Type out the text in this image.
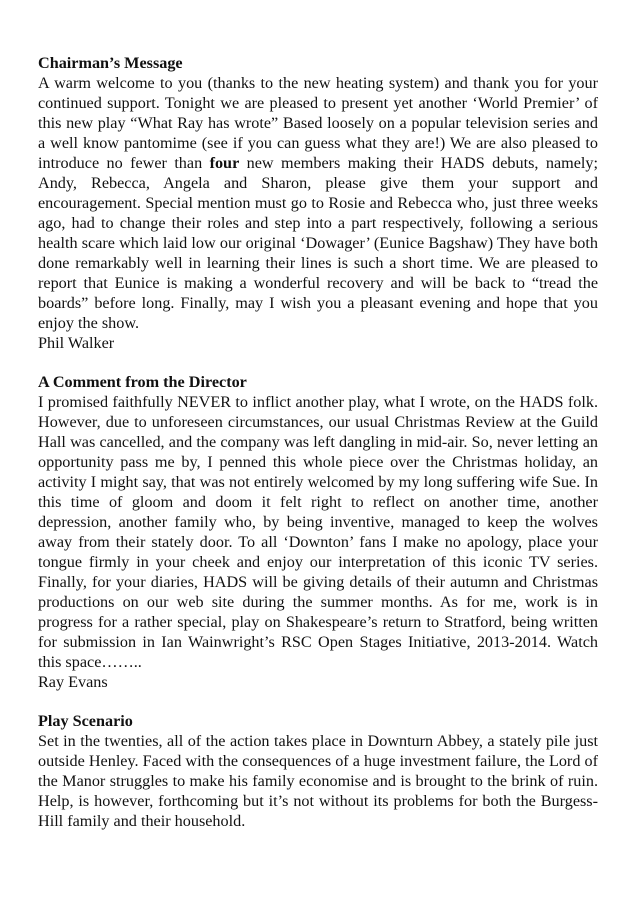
Chairman’s Message

A warm welcome to you (thanks to the new heating system) and thank you for your continued support. Tonight we are pleased to present yet another ‘World Premier’ of this new play “What Ray has wrote” Based loosely on a popular television series and a well know pantomime (see if you can guess what they are!) We are also pleased to introduce no fewer than four new members making their HADS debuts, namely; Andy, Rebecca, Angela and Sharon, please give them your support and encouragement. Special mention must go to Rosie and Rebecca who, just three weeks ago, had to change their roles and step into a part respectively, following a serious health scare which laid low our original ‘Dowager’ (Eunice Bagshaw) They have both done remarkably well in learning their lines is such a short time. We are pleased to report that Eunice is making a wonderful recovery and will be back to “tread the boards” before long. Finally, may I wish you a pleasant evening and hope that you enjoy the show.

Phil Walker

A Comment from the Director

I promised faithfully NEVER to inflict another play, what I wrote, on the HADS folk. However, due to unforeseen circumstances, our usual Christmas Review at the Guild Hall was cancelled, and the company was left dangling in mid-air. So, never letting an opportunity pass me by, I penned this whole piece over the Christmas holiday, an activity I might say, that was not entirely welcomed by my long suffering wife Sue. In this time of gloom and doom it felt right to reflect on another time, another depression, another family who, by being inventive, managed to keep the wolves away from their stately door. To all ‘Downton’ fans I make no apology, place your tongue firmly in your cheek and enjoy our interpretation of this iconic TV series. Finally, for your diaries, HADS will be giving details of their autumn and Christmas productions on our web site during the summer months. As for me, work is in progress for a rather special, play on Shakespeare’s return to Stratford, being written for submission in Ian Wainwright’s RSC Open Stages Initiative, 2013-2014. Watch this space……..

Ray Evans

Play Scenario

Set in the twenties, all of the action takes place in Downturn Abbey, a stately pile just outside Henley. Faced with the consequences of a huge investment failure, the Lord of the Manor struggles to make his family economise and is brought to the brink of ruin. Help, is however, forthcoming but it’s not without its problems for both the Burgess-Hill family and their household.
